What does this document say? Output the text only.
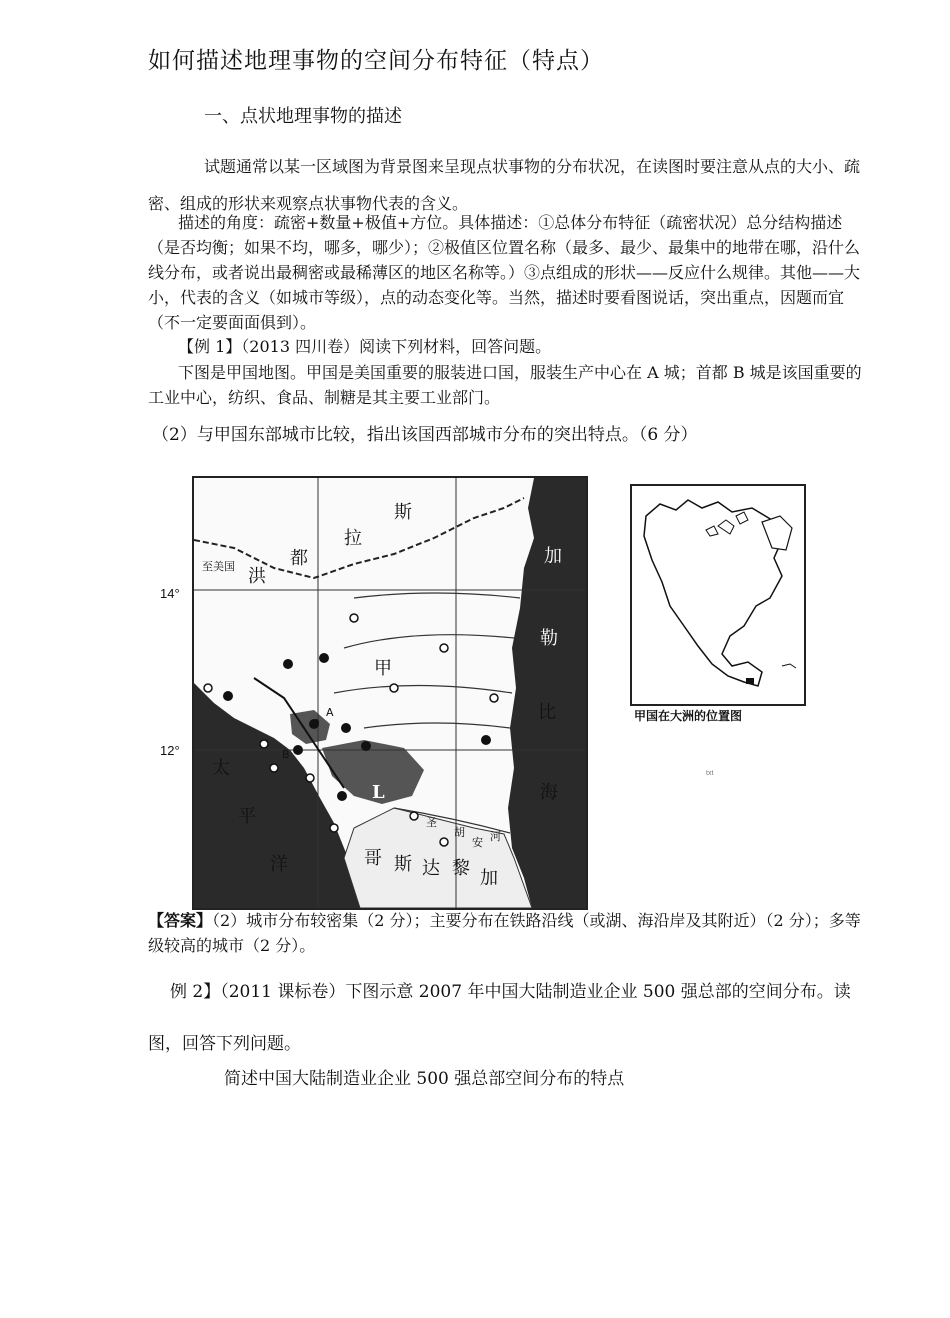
如何描述地理事物的空间分布特征（特点）
一、点状地理事物的描述
试题通常以某一区域图为背景图来呈现点状事物的分布状况，在读图时要注意从点的大小、疏密、组成的形状来观察点状事物代表的含义。
描述的角度：疏密+数量+极值+方位。具体描述：①总体分布特征（疏密状况）总分结构描述（是否均衡；如果不均，哪多，哪少）；②极值区位置名称（最多、最少、最集中的地带在哪，沿什么线分布，或者说出最稠密或最稀薄区的地区名称等。）③点组成的形状——反应什么规律。其他——大小，代表的含义（如城市等级），点的动态变化等。当然，描述时要看图说话，突出重点，因题而宜（不一定要面面俱到）。
【例 1】（2013 四川卷）阅读下列材料，回答问题。
下图是甲国地图。甲国是美国重要的服装进口国，服装生产中心在 A 城；首都 B 城是该国重要的工业中心，纺织、食品、制糖是其主要工业部门。
（2）与甲国东部城市比较，指出该国西部城市分布的突出特点。（6 分）
14°
12°
至美国 洪
都
拉
斯
甲
加
勒
比
海
太
平
洋	哥 斯 达 黎 加
圣
胡
安 河
A
B
L
甲国在大洲的位置图
txt
【答案】（2）城市分布较密集（2 分）；主要分布在铁路沿线（或湖、海沿岸及其附近）（2 分）；多等级较高的城市（2 分）。
例 2】（2011 课标卷）下图示意 2007 年中国大陆制造业企业 500 强总部的空间分布。读图，回答下列问题。
简述中国大陆制造业企业 500 强总部空间分布的特点
